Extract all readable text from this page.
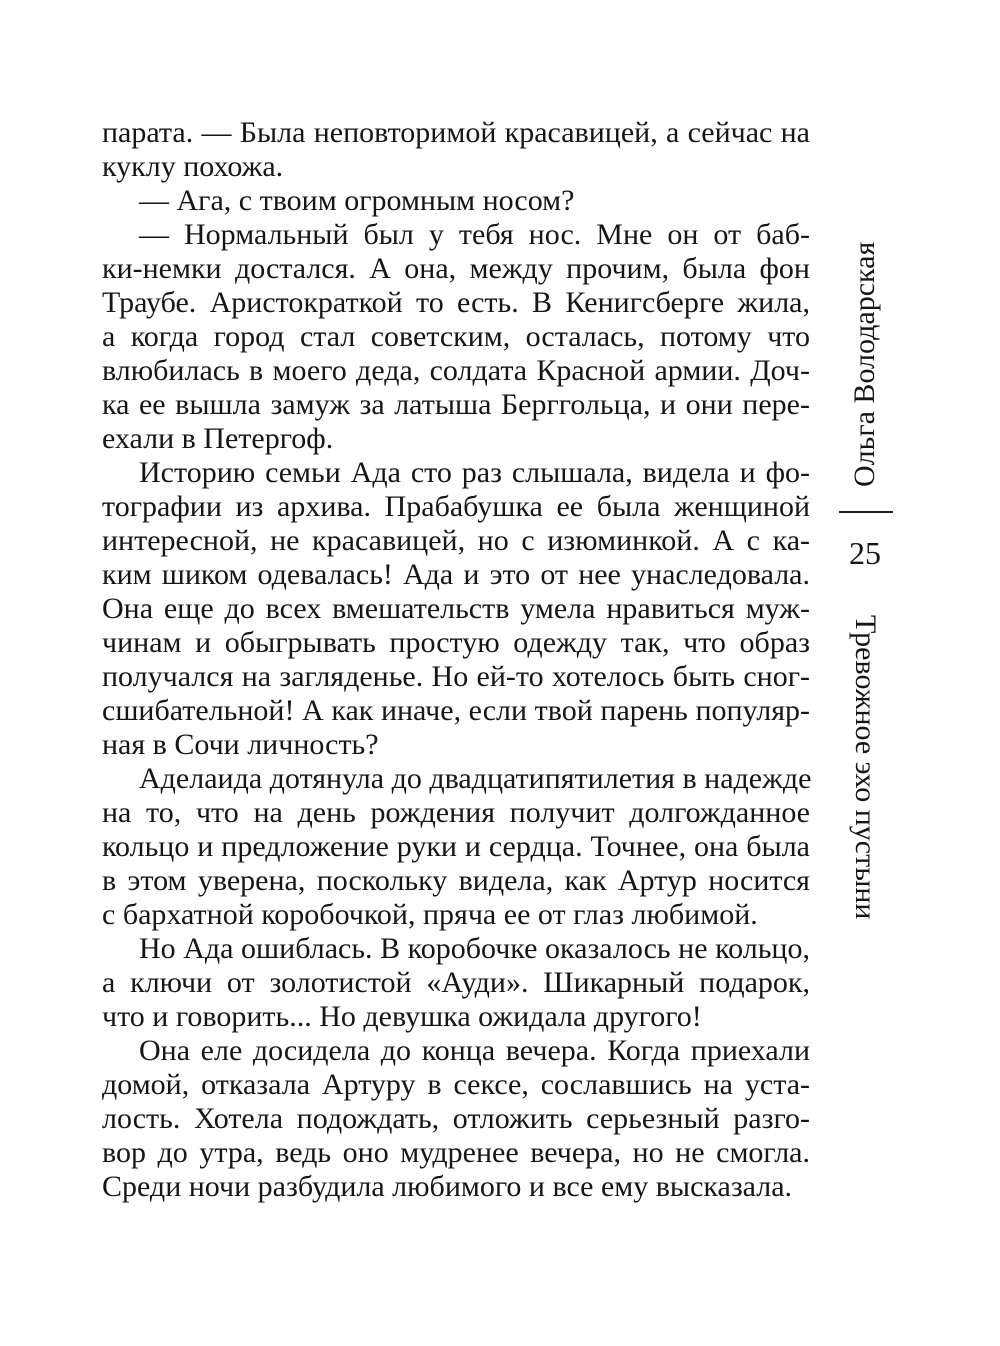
парата. — Была неповторимой красавицей, а сейчас на
куклу похожа.
— Ага, с твоим огромным носом?
— Нормальный был у тебя нос. Мне он от баб-
ки-немки достался. А она, между прочим, была фон
Траубе. Аристократкой то есть. В Кенигсберге жила,
а когда город стал советским, осталась, потому что
влюбилась в моего деда, солдата Красной армии. Доч-
ка ее вышла замуж за латыша Берггольца, и они пере-
ехали в Петергоф.
Историю семьи Ада сто раз слышала, видела и фо-
тографии из архива. Прабабушка ее была женщиной
интересной, не красавицей, но с изюминкой. А с ка-
ким шиком одевалась! Ада и это от нее унаследовала.
Она еще до всех вмешательств умела нравиться муж-
чинам и обыгрывать простую одежду так, что образ
получался на загляденье. Но ей-то хотелось быть сног-
сшибательной! А как иначе, если твой парень популяр-
ная в Сочи личность?
Аделаида дотянула до двадцатипятилетия в надежде
на то, что на день рождения получит долгожданное
кольцо и предложение руки и сердца. Точнее, она была
в этом уверена, поскольку видела, как Артур носится
с бархатной коробочкой, пряча ее от глаз любимой.
Но Ада ошиблась. В коробочке оказалось не кольцо,
а ключи от золотистой «Ауди». Шикарный подарок,
что и говорить... Но девушка ожидала другого!
Она еле досидела до конца вечера. Когда приехали
домой, отказала Артуру в сексе, сославшись на уста-
лость. Хотела подождать, отложить серьезный разго-
вор до утра, ведь оно мудренее вечера, но не смогла.
Среди ночи разбудила любимого и все ему высказала.
Ольга Володарская
25
Тревожное эхо пустыни
